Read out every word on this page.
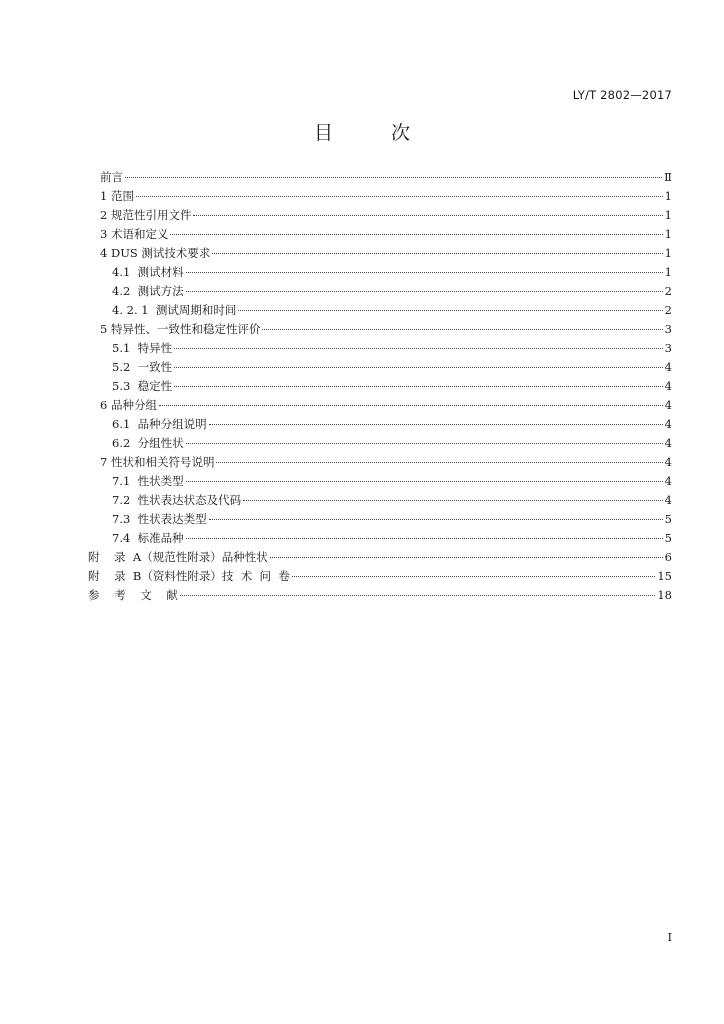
LY/T 2802—2017
目 次
前言	Ⅱ
1 范围	1
2 规范性引用文件	1
3 术语和定义	1
4 DUS 测试技术要求	1
4.1  测试材料	1
4.2  测试方法	2
4. 2. 1  测试周期和时间	2
5 特异性、一致性和稳定性评价	3
5.1  特异性	3
5.2  一致性	4
5.3  稳定性	4
6 品种分组	4
6.1  品种分组说明	4
6.2  分组性状	4
7 性状和相关符号说明	4
7.1  性状类型	4
7.2  性状表达状态及代码	4
7.3  性状表达类型	5
7.4  标准品种	5
附    录  A（规范性附录）品种性状	6
附    录  B（资料性附录）技  术  问  卷	15
参    考    文    献	18
I
